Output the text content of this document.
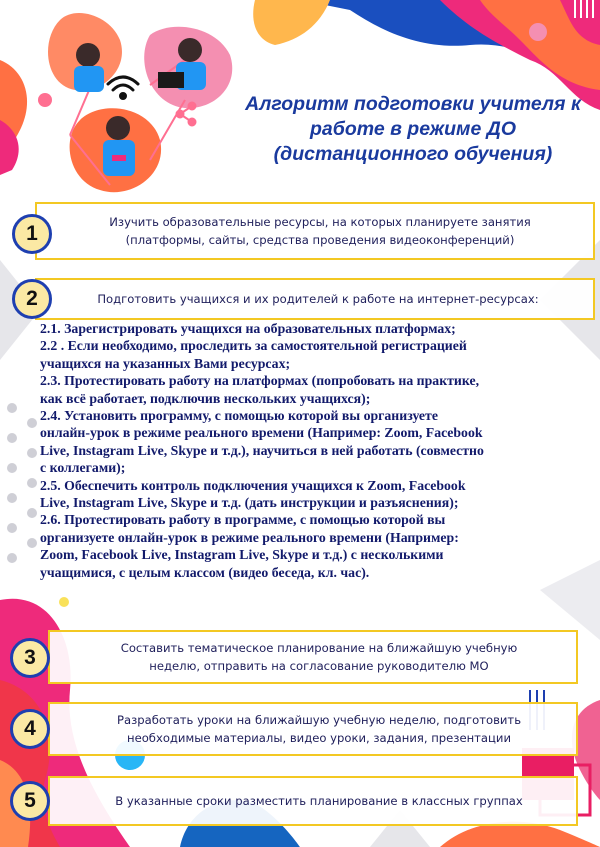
Алгоритм подготовки учителя к
работе в режиме ДО
(дистанционного обучения)
Изучить образовательные ресурсы, на которых планируете занятия
(платформы, сайты, средства проведения видеоконференций)
1
Подготовить учащихся и их родителей к работе на интернет-ресурсах:
2

2.1. Зарегистрировать учащихся на образовательных платформах;

2.2 . Если необходимо, проследить за самостоятельной регистрацией
учащихся на указанных Вами ресурсах;

2.3. Протестировать работу на платформах (попробовать на практике,
как всё работает, подключив нескольких учащихся);

2.4. Установить программу, с помощью которой вы организуете
онлайн-урок в режиме реального времени (Например: Zoom, Facebook
Live, Instagram Live, Skype и т.д.), научиться в ней работать (совместно
с коллегами);

2.5. Обеспечить контроль подключения учащихся к Zoom, Facebook
Live, Instagram Live, Skype и т.д. (дать инструкции и разъяснения);

2.6. Протестировать работу в программе, с помощью которой вы
организуете онлайн-урок в режиме реального времени (Например:
Zoom, Facebook Live, Instagram Live, Skype и т.д.) с несколькими
учащимися, с целым классом (видео беседа, кл. час).

Составить тематическое планирование на ближайшую учебную
неделю, отправить на согласование руководителю МО
3
Разработать уроки на ближайшую учебную неделю, подготовить
необходимые материалы, видео уроки, задания, презентации
4
В указанные сроки разместить планирование в классных группах
5
